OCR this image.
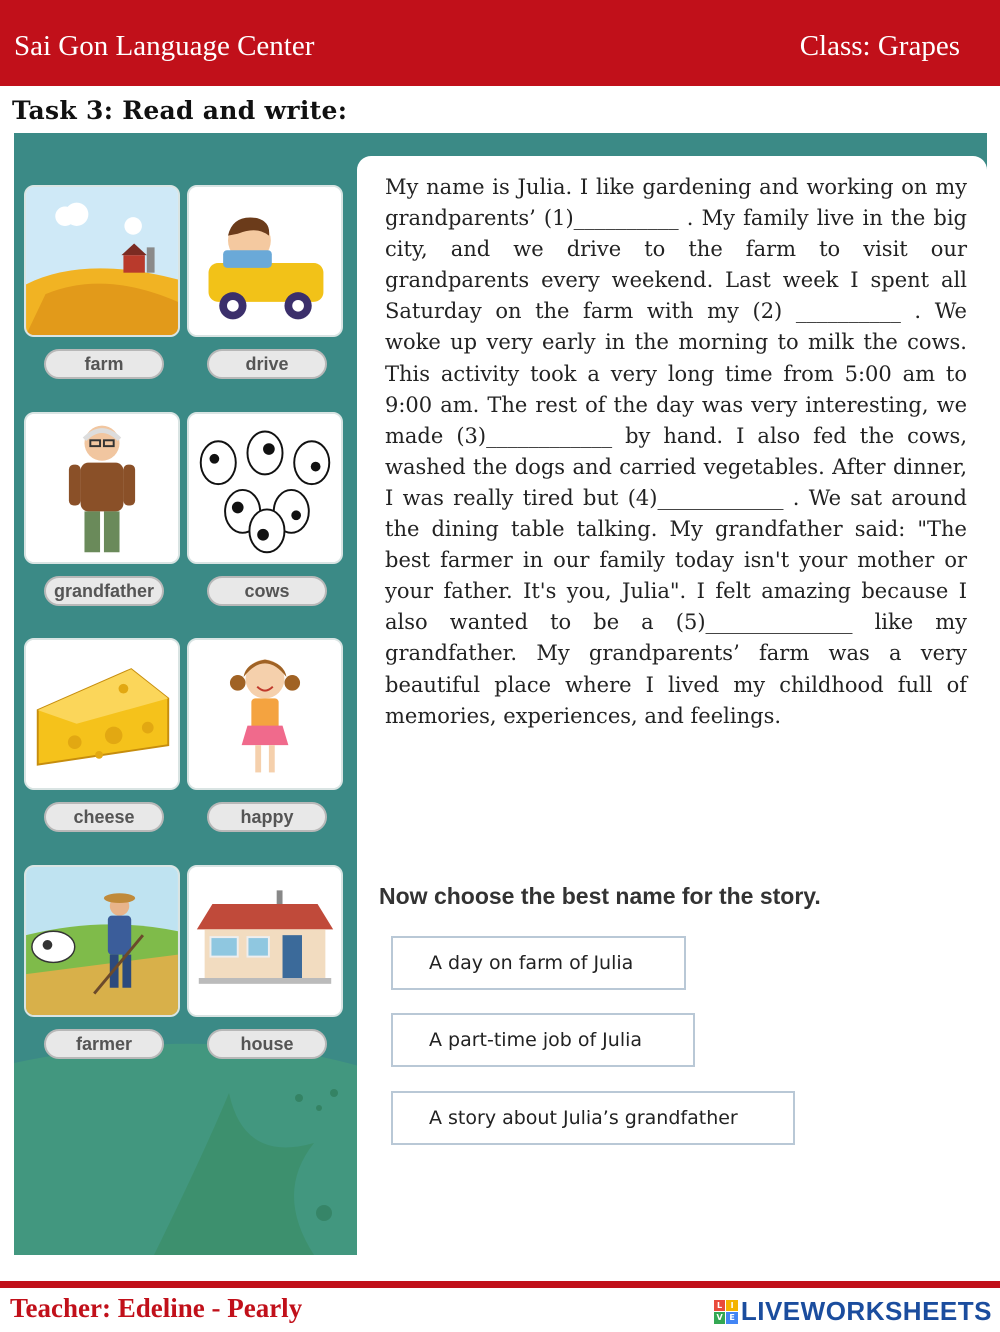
Sai Gon Language Center	Class: Grapes
Task 3: Read and write:
farm	drive
grandfather	cows
cheese	happy
farmer	house

My name is Julia. I like gardening and working on my grandparents’ (1)__________ . My family live in the big city, and we drive to the farm to visit our grandparents every weekend. Last week I spent all Saturday on the farm with my (2) __________ . We woke up very early in the morning to milk the cows. This activity took a very long time from 5:00 am to 9:00 am. The rest of the day was very interesting, we made (3)____________ by hand. I also fed the cows, washed the dogs and carried vegetables. After dinner, I was really tired but (4)____________ . We sat around the dining table talking. My grandfather said: "The best farmer in our family today isn't your mother or your father. It's you, Julia". I felt amazing because I also wanted to be a (5)______________ like my grandfather. My grandparents’ farm was a very beautiful place where I lived my childhood full of memories, experiences, and feelings.

Now choose the best name for the story.
A day on farm of Julia
A part-time job of Julia
A story about Julia’s grandfather
Teacher: Edeline - Pearly	L	I
V E LIVEWORKSHEETS
